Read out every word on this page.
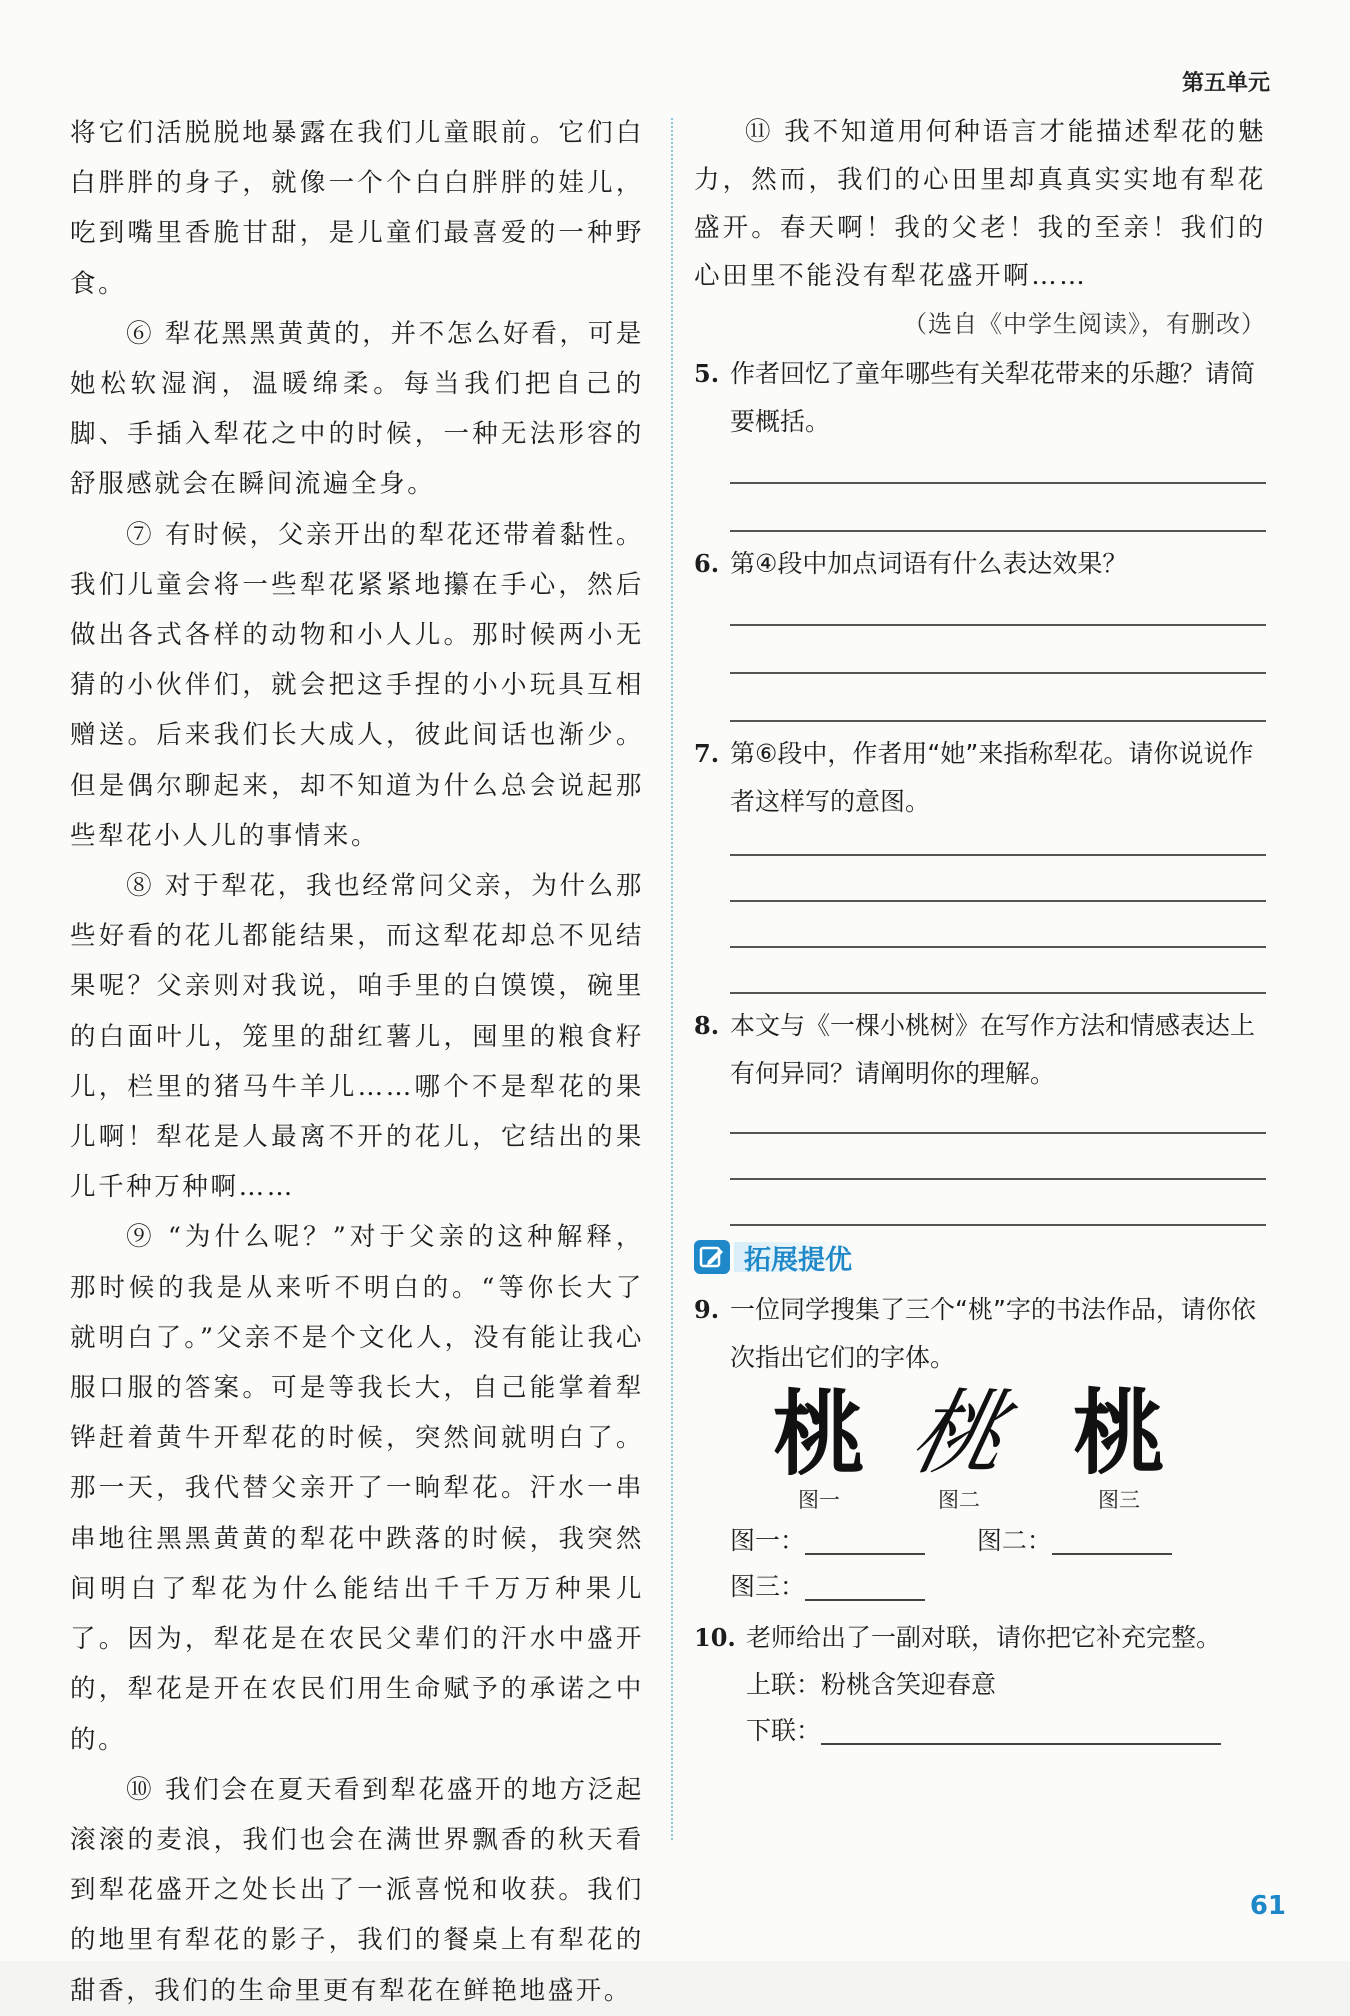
第五单元

将它们活脱脱地暴露在我们儿童眼前。它们白白胖胖的身子，就像一个个白白胖胖的娃儿，吃到嘴里香脆甘甜，是儿童们最喜爱的一种野食。

⑥ 犁花黑黑黄黄的，并不怎么好看，可是她松软湿润，温暖绵柔。每当我们把自己的脚、手插入犁花之中的时候，一种无法形容的舒服感就会在瞬间流遍全身。

⑦ 有时候，父亲开出的犁花还带着黏性。我们儿童会将一些犁花紧紧地攥在手心，然后做出各式各样的动物和小人儿。那时候两小无猜的小伙伴们，就会把这手捏的小小玩具互相赠送。后来我们长大成人，彼此间话也渐少。但是偶尔聊起来，却不知道为什么总会说起那些犁花小人儿的事情来。

⑧ 对于犁花，我也经常问父亲，为什么那些好看的花儿都能结果，而这犁花却总不见结果呢？父亲则对我说，咱手里的白馍馍，碗里的白面叶儿，笼里的甜红薯儿，囤里的粮食籽儿，栏里的猪马牛羊儿……哪个不是犁花的果儿啊！犁花是人最离不开的花儿，它结出的果儿千种万种啊……

⑨ “为什么呢？”对于父亲的这种解释，那时候的我是从来听不明白的。“等你长大了就明白了。”父亲不是个文化人，没有能让我心服口服的答案。可是等我长大，自己能掌着犁铧赶着黄牛开犁花的时候，突然间就明白了。那一天，我代替父亲开了一晌犁花。汗水一串串地往黑黑黄黄的犁花中跌落的时候，我突然间明白了犁花为什么能结出千千万万种果儿了。因为，犁花是在农民父辈们的汗水中盛开的，犁花是开在农民们用生命赋予的承诺之中的。

⑩ 我们会在夏天看到犁花盛开的地方泛起滚滚的麦浪，我们也会在满世界飘香的秋天看到犁花盛开之处长出了一派喜悦和收获。我们的地里有犁花的影子，我们的餐桌上有犁花的甜香，我们的生命里更有犁花在鲜艳地盛开。

⑪ 我不知道用何种语言才能描述犁花的魅力，然而，我们的心田里却真真实实地有犁花盛开。春天啊！我的父老！我的至亲！我们的心田里不能没有犁花盛开啊……

（选自《中学生阅读》，有删改）
5. 作者回忆了童年哪些有关犁花带来的乐趣？请简要概括。
6. 第④段中加点词语有什么表达效果？
7. 第⑥段中，作者用“她”来指称犁花。请你说说作者这样写的意图。
8. 本文与《一棵小桃树》在写作方法和情感表达上有何异同？请阐明你的理解。
拓展提优
9. 一位同学搜集了三个“桃”字的书法作品，请你依次指出它们的字体。
桃
图一
桃
图二
桃
图三
图一：	图二：
图三：
10. 老师给出了一副对联，请你把它补充完整。
上联：粉桃含笑迎春意
下联：
61
